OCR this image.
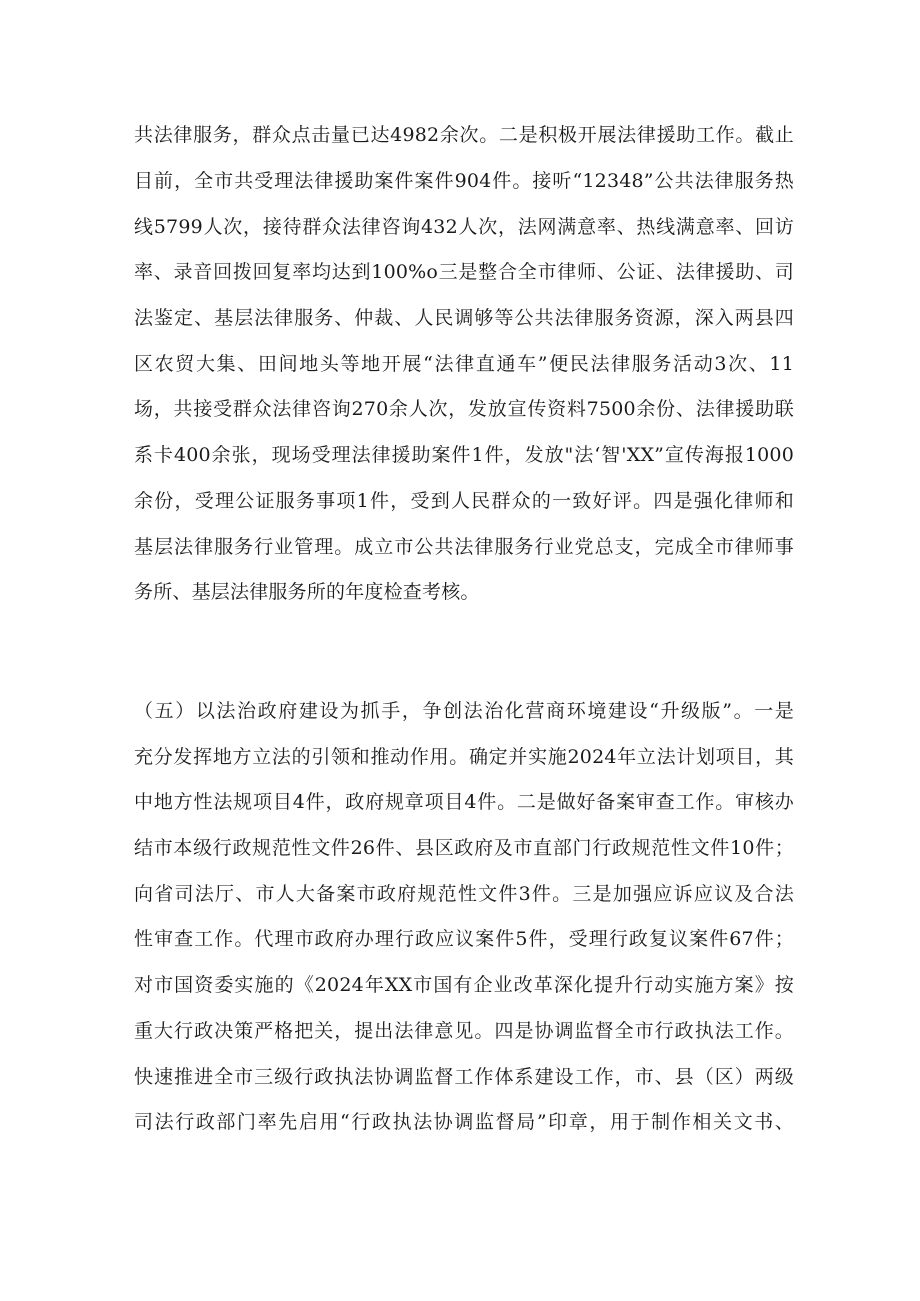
共法律服务，群众点击量已达4982余次。二是积极开展法律援助工作。截止
目前，全市共受理法律援助案件案件904件。接听“12348”公共法律服务热
线5799人次，接待群众法律咨询432人次，法网满意率、热线满意率、回访
率、录音回拨回复率均达到100%o三是整合全市律师、公证、法律援助、司
法鉴定、基层法律服务、仲裁、人民调够等公共法律服务资源，深入两县四
区农贸大集、田间地头等地开展“法律直通车”便民法律服务活动3次、11
场，共接受群众法律咨询270余人次，发放宣传资料7500余份、法律援助联
系卡400余张，现场受理法律援助案件1件，发放"法‘智'XX”宣传海报1000
余份，受理公证服务事项1件，受到人民群众的一致好评。四是强化律师和
基层法律服务行业管理。成立市公共法律服务行业党总支，完成全市律师事
务所、基层法律服务所的年度检查考核。
（五）以法治政府建设为抓手，争创法治化营商环境建设“升级版”。一是
充分发挥地方立法的引领和推动作用。确定并实施2024年立法计划项目，其
中地方性法规项目4件，政府规章项目4件。二是做好备案审查工作。审核办
结市本级行政规范性文件26件、县区政府及市直部门行政规范性文件10件；
向省司法厅、市人大备案市政府规范性文件3件。三是加强应诉应议及合法
性审查工作。代理市政府办理行政应议案件5件，受理行政复议案件67件；
对市国资委实施的《2024年XX市国有企业改革深化提升行动实施方案》按
重大行政决策严格把关，提出法律意见。四是协调监督全市行政执法工作。
快速推进全市三级行政执法协调监督工作体系建设工作，市、县（区）两级
司法行政部门率先启用“行政执法协调监督局”印章，用于制作相关文书、
